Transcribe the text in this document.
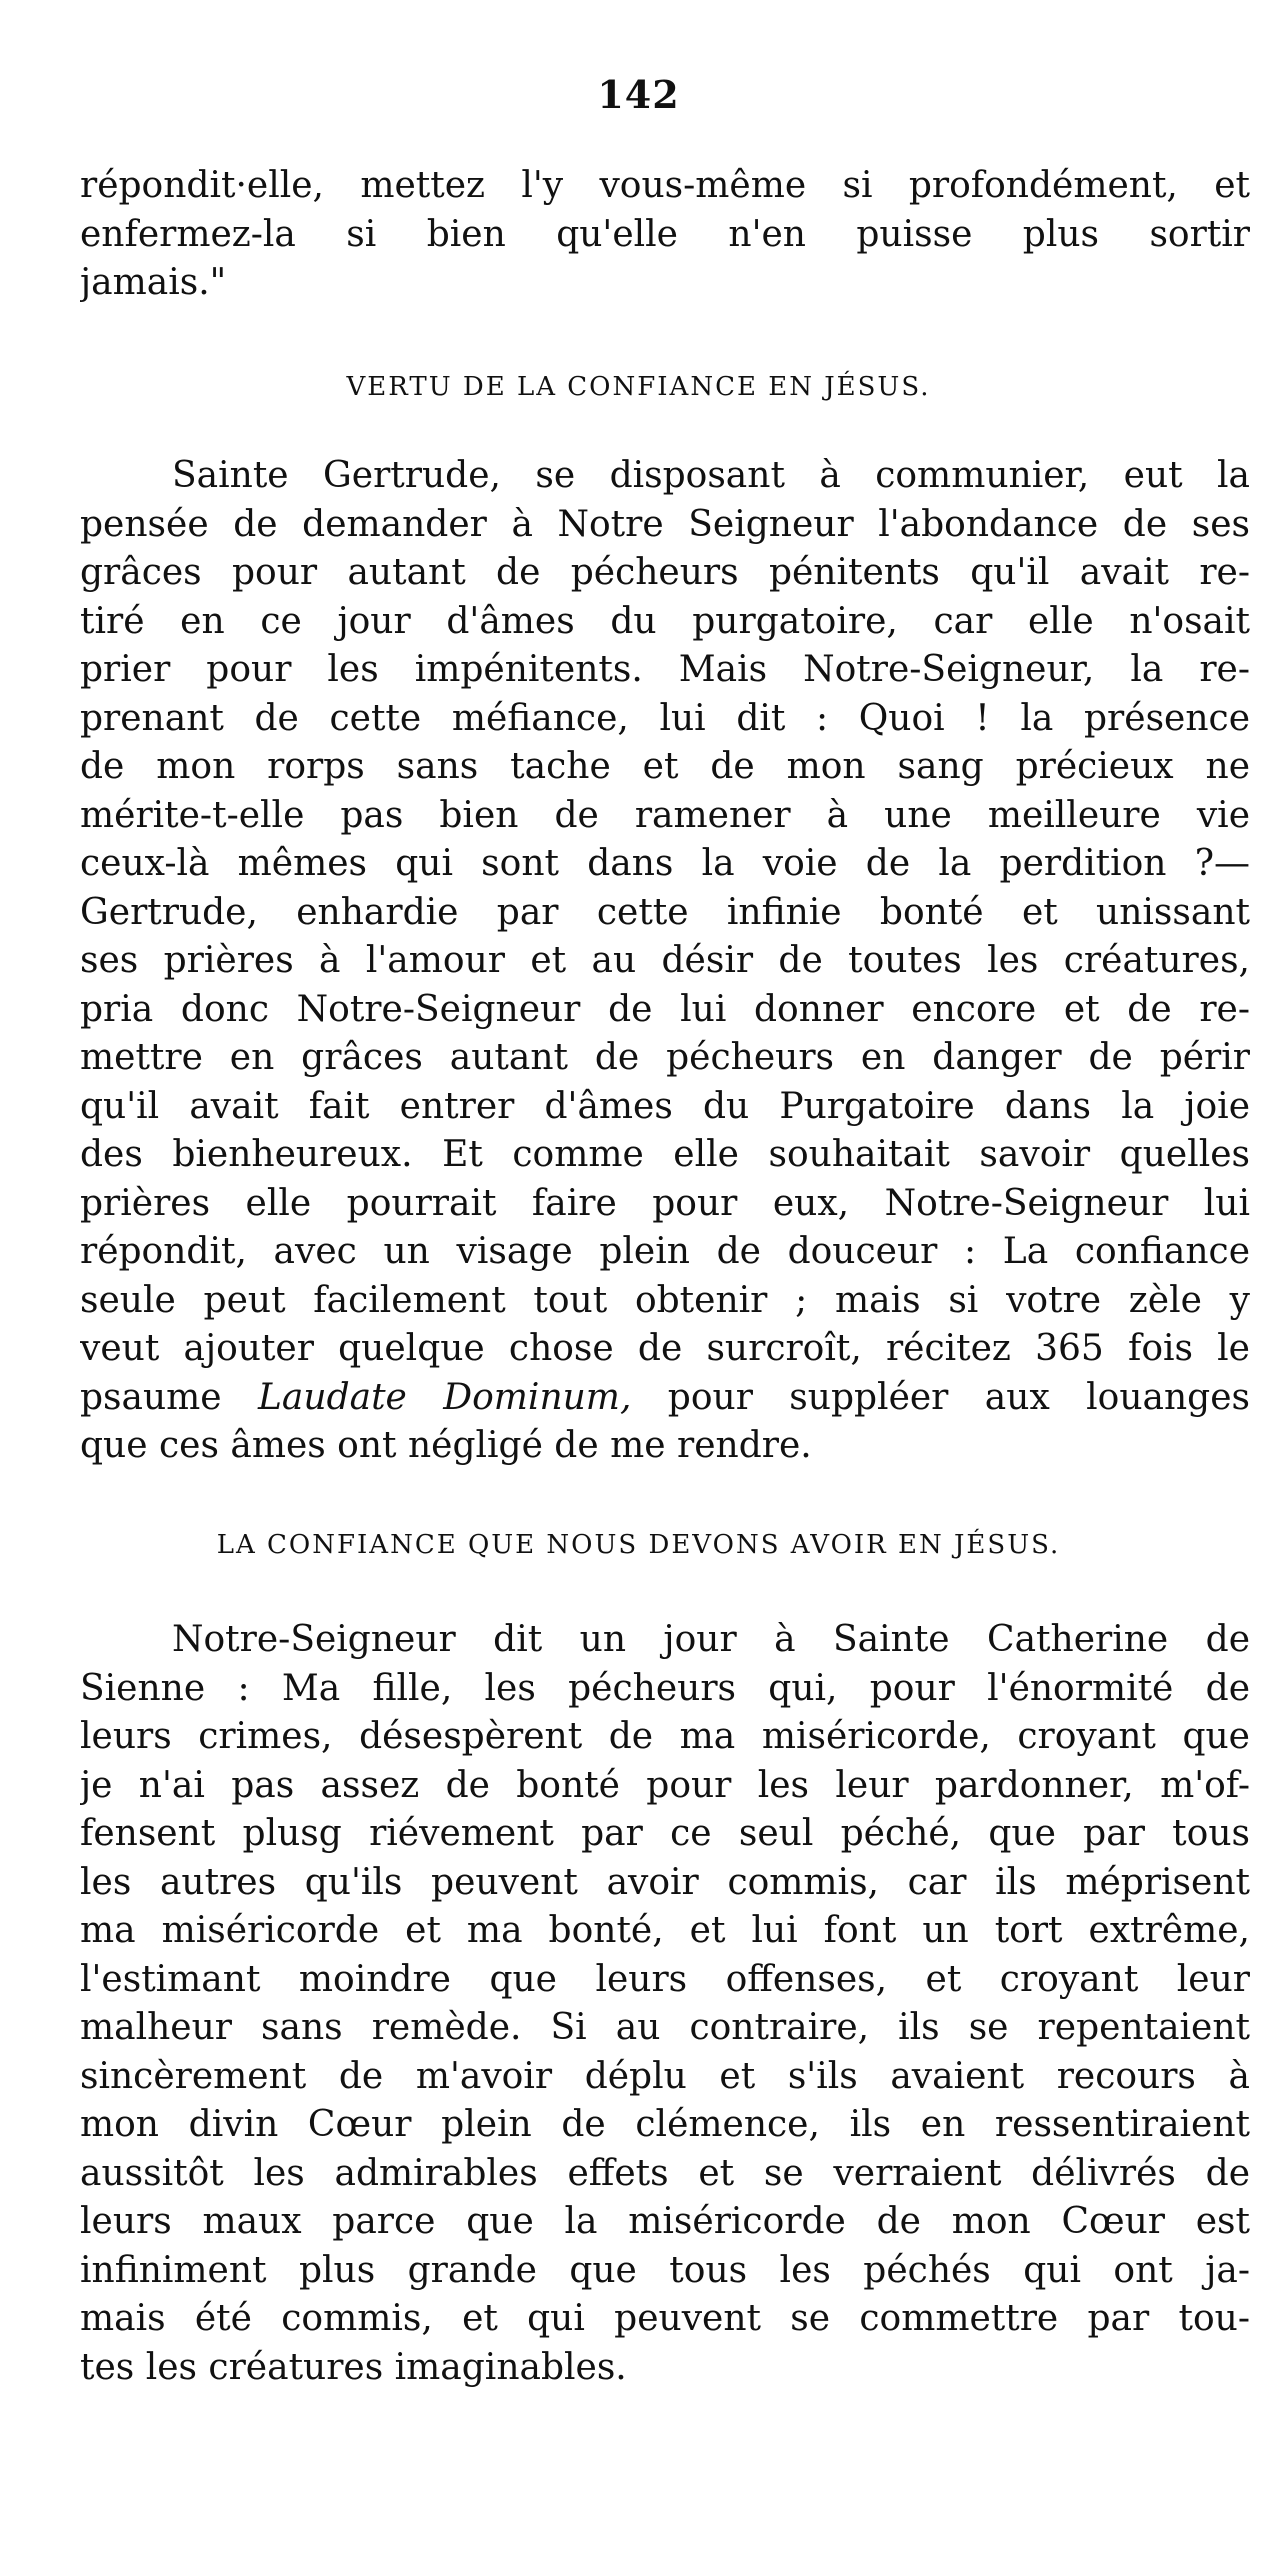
142
répondit·elle, mettez l'y vous-même si profondément, et
enfermez-la si bien qu'elle n'en puisse plus sortir
jamais."
VERTU DE LA CONFIANCE EN JÉSUS.
Sainte Gertrude, se disposant à communier, eut la
pensée de demander à Notre Seigneur l'abondance de ses
grâces pour autant de pécheurs pénitents qu'il avait re-
tiré en ce jour d'âmes du purgatoire, car elle n'osait
prier pour les impénitents. Mais Notre-Seigneur, la re-
prenant de cette méfiance, lui dit : Quoi ! la présence
de mon rorps sans tache et de mon sang précieux ne
mérite-t-elle pas bien de ramener à une meilleure vie
ceux-là mêmes qui sont dans la voie de la perdition ?—
Gertrude, enhardie par cette infinie bonté et unissant
ses prières à l'amour et au désir de toutes les créatures,
pria donc Notre-Seigneur de lui donner encore et de re-
mettre en grâces autant de pécheurs en danger de périr
qu'il avait fait entrer d'âmes du Purgatoire dans la joie
des bienheureux. Et comme elle souhaitait savoir quelles
prières elle pourrait faire pour eux, Notre-Seigneur lui
répondit, avec un visage plein de douceur : La confiance
seule peut facilement tout obtenir ; mais si votre zèle y
veut ajouter quelque chose de surcroît, récitez 365 fois le
psaume Laudate Dominum, pour suppléer aux louanges
que ces âmes ont négligé de me rendre.
LA CONFIANCE QUE NOUS DEVONS AVOIR EN JÉSUS.
Notre-Seigneur dit un jour à Sainte Catherine de
Sienne : Ma fille, les pécheurs qui, pour l'énormité de
leurs crimes, désespèrent de ma miséricorde, croyant que
je n'ai pas assez de bonté pour les leur pardonner, m'of-
fensent plusg riévement par ce seul péché, que par tous
les autres qu'ils peuvent avoir commis, car ils méprisent
ma miséricorde et ma bonté, et lui font un tort extrême,
l'estimant moindre que leurs offenses, et croyant leur
malheur sans remède. Si au contraire, ils se repentaient
sincèrement de m'avoir déplu et s'ils avaient recours à
mon divin Cœur plein de clémence, ils en ressentiraient
aussitôt les admirables effets et se verraient délivrés de
leurs maux parce que la miséricorde de mon Cœur est
infiniment plus grande que tous les péchés qui ont ja-
mais été commis, et qui peuvent se commettre par tou-
tes les créatures imaginables.
